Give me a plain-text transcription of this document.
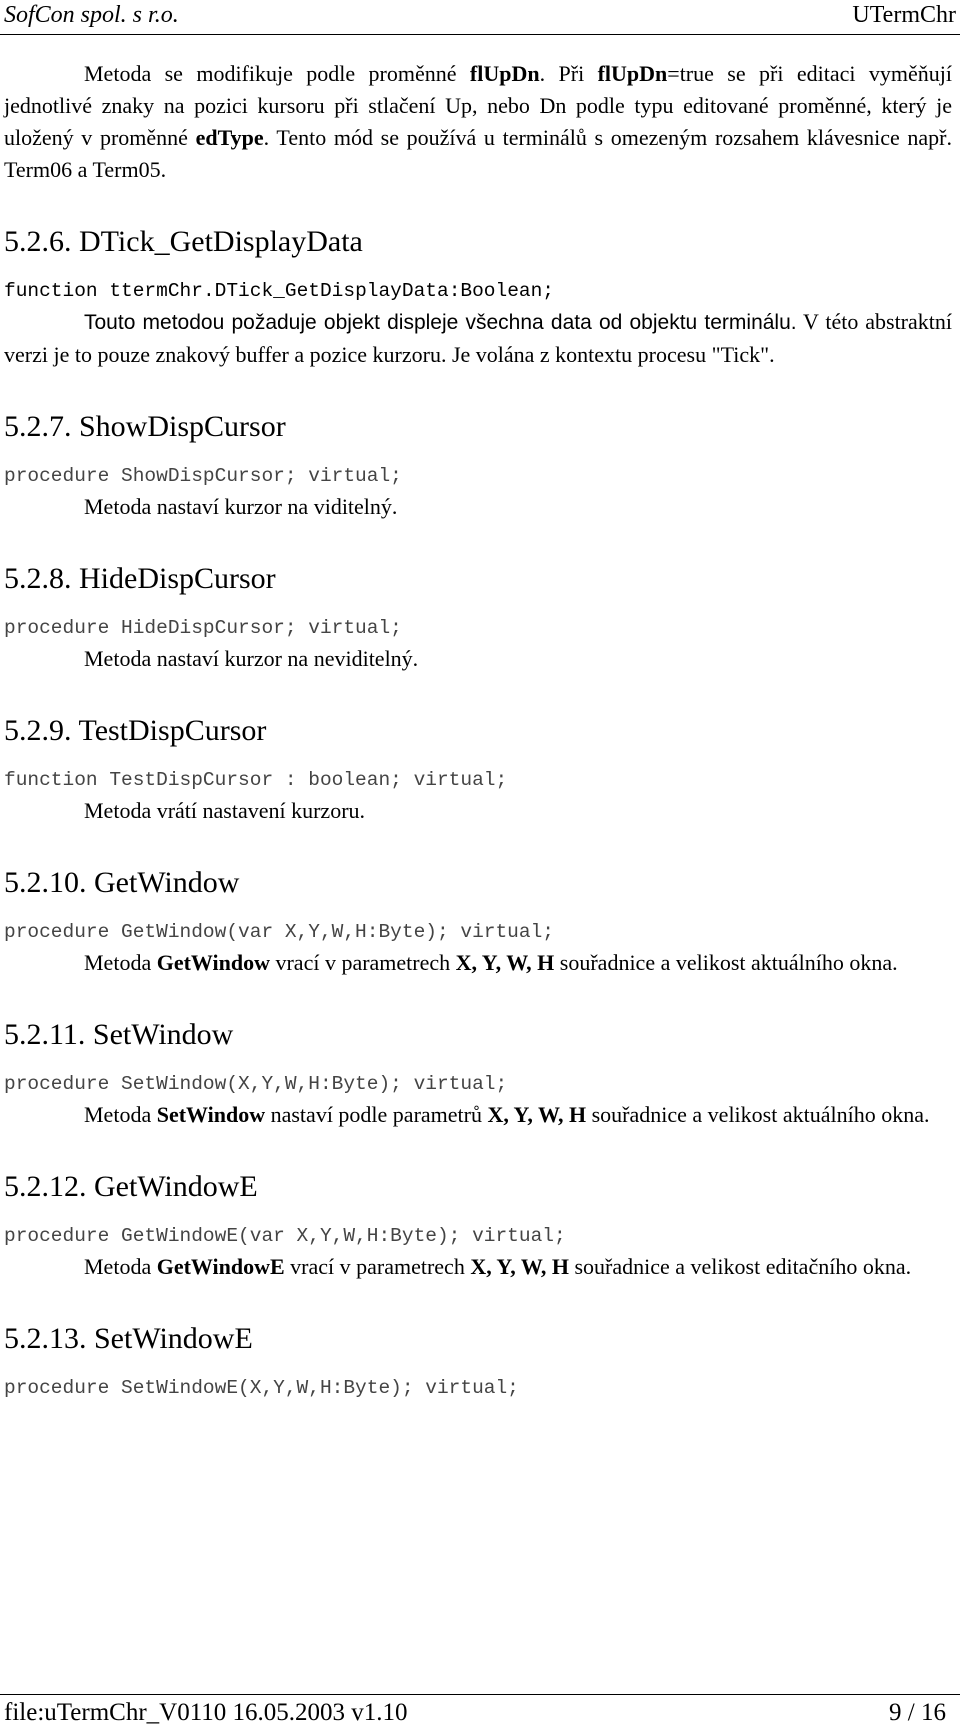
SofCon spol. s r.o.	UTermChr

Metoda se modifikuje podle proměnné flUpDn. Při flUpDn=true se při editaci vyměňují jednotlivé znaky na pozici kursoru při stlačení Up, nebo Dn podle typu editované proměnné, který je uložený v proměnné edType. Tento mód se používá u terminálů s omezeným rozsahem klávesnice např. Term06 a Term05.

5.2.6. DTick_GetDisplayData
function ttermChr.DTick_GetDisplayData:Boolean;

Touto metodou požaduje objekt displeje všechna data od objektu terminálu. V této abstraktní verzi je to pouze znakový buffer a pozice kurzoru. Je volána z kontextu procesu "Tick".

5.2.7. ShowDispCursor
procedure ShowDispCursor; virtual;

Metoda nastaví kurzor na viditelný.

5.2.8. HideDispCursor
procedure HideDispCursor; virtual;

Metoda nastaví kurzor na neviditelný.

5.2.9. TestDispCursor
function TestDispCursor : boolean; virtual;

Metoda vrátí nastavení kurzoru.

5.2.10. GetWindow
procedure GetWindow(var X,Y,W,H:Byte); virtual;

Metoda GetWindow vrací v parametrech X, Y, W, H souřadnice a velikost aktuálního okna.

5.2.11. SetWindow
procedure SetWindow(X,Y,W,H:Byte); virtual;

Metoda SetWindow nastaví podle parametrů X, Y, W, H souřadnice a velikost aktuálního okna.

5.2.12. GetWindowE
procedure GetWindowE(var X,Y,W,H:Byte); virtual;

Metoda GetWindowE vrací v parametrech X, Y, W, H souřadnice a velikost editačního okna.

5.2.13. SetWindowE
procedure SetWindowE(X,Y,W,H:Byte); virtual;
file:uTermChr_V0110 16.05.2003 v1.10	9 / 16
